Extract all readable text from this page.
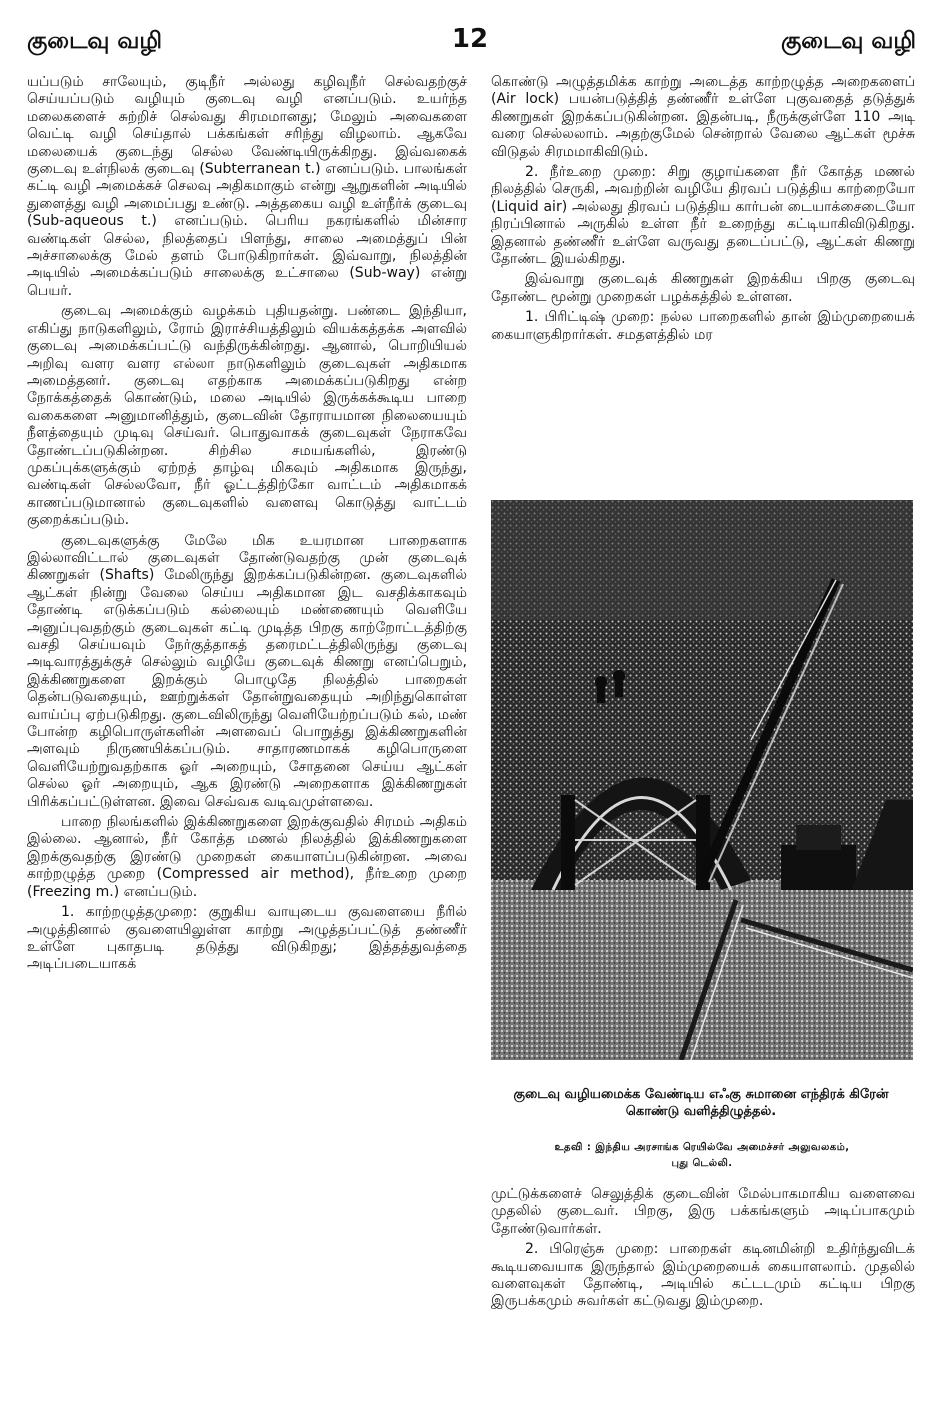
குடைவு வழி	12	குடைவு வழி

யப்படும் சாலேயும், குடிநீர் அல்லது கழிவுநீர் செல்வதற்குச் செய்யப்படும் வழியும் குடைவு வழி எனப்படும். உயர்ந்த மலைகளைச் சுற்றிச் செல்வது சிரமமானது; மேலும் அவைகளை வெட்டி வழி செய்தால் பக்கங்கள் சரிந்து விழலாம். ஆகவே மலையைக் குடைந்து செல்ல வேண்டியிருக்கிறது. இவ்வகைக் குடைவு உள்நிலக் குடைவு (Subterranean t.) எனப்படும். பாலங்கள் கட்டி வழி அமைக்கச் செலவு அதிகமாகும் என்று ஆறுகளின் அடியில் துளைத்து வழி அமைப்பது உண்டு. அத்தகைய வழி உள்நீர்க் குடைவு (Sub-aqueous t.) எனப்படும். பெரிய நகரங்களில் மின்சார வண்டிகள் செல்ல, நிலத்தைப் பிளந்து, சாலை அமைத்துப் பின் அச்சாலைக்கு மேல் தளம் போடுகிறார்கள். இவ்வாறு, நிலத்தின் அடியில் அமைக்கப்படும் சாலைக்கு உட்சாலை (Sub-way) என்று பெயர்.

குடைவு அமைக்கும் வழக்கம் புதியதன்று. பண்டை இந்தியா, எகிப்து நாடுகளிலும், ரோம் இராச்சியத்திலும் வியக்கத்தக்க அளவில் குடைவு அமைக்கப்பட்டு வந்திருக்கின்றது. ஆனால், பொறியியல் அறிவு வளர வளர எல்லா நாடுகளிலும் குடைவுகள் அதிகமாக அமைத்தனர். குடைவு எதற்காக அமைக்கப்படுகிறது என்ற நோக்கத்தைக் கொண்டும், மலை அடியில் இருக்கக்கூடிய பாறை வகைகளை அனுமானித்தும், குடைவின் தோராயமான நிலையையும் நீளத்தையும் முடிவு செய்வர். பொதுவாகக் குடைவுகள் நேராகவே தோண்டப்படுகின்றன. சிற்சில சமயங்களில், இரண்டு முகப்புக்களுக்கும் ஏற்றத் தாழ்வு மிகவும் அதிகமாக இருந்து, வண்டிகள் செல்லவோ, நீர் ஓட்டத்திற்கோ வாட்டம் அதிகமாகக் காணப்படுமானால் குடைவுகளில் வளைவு கொடுத்து வாட்டம் குறைக்கப்படும்.

குடைவுகளுக்கு மேலே மிக உயரமான பாறைகளாக இல்லாவிட்டால் குடைவுகள் தோண்டுவதற்கு முன் குடைவுக் கிணறுகள் (Shafts) மேலிருந்து இறக்கப்படுகின்றன. குடைவுகளில் ஆட்கள் நின்று வேலை செய்ய அதிகமான இட வசதிக்காகவும் தோண்டி எடுக்கப்படும் கல்லையும் மண்ணையும் வெளியே அனுப்புவதற்கும் குடைவுகள் கட்டி முடித்த பிறகு காற்றோட்டத்திற்கு வசதி செய்யவும் நேர்குத்தாகத் தரைமட்டத்திலிருந்து குடைவு அடிவாரத்துக்குச் செல்லும் வழியே குடைவுக் கிணறு எனப்பெறும், இக்கிணறுகளை இறக்கும் பொழுதே நிலத்தில் பாறைகள் தென்படுவதையும், ஊற்றுக்கள் தோன்றுவதையும் அறிந்துகொள்ள வாய்ப்பு ஏற்படுகிறது. குடைவிலிருந்து வெளியேற்றப்படும் கல், மண் போன்ற கழிபொருள்களின் அளவைப் பொறுத்து இக்கிணறுகளின் அளவும் நிருணயிக்கப்படும். சாதாரணமாகக் கழிபொருளை வெளியேற்றுவதற்காக ஓர் அறையும், சோதனை செய்ய ஆட்கள் செல்ல ஓர் அறையும், ஆக இரண்டு அறைகளாக இக்கிணறுகள் பிரிக்கப்பட்டுள்ளன. இவை செவ்வக வடிவமுள்ளவை.

பாறை நிலங்களில் இக்கிணறுகளை இறக்குவதில் சிரமம் அதிகம் இல்லை. ஆனால், நீர் கோத்த மணல் நிலத்தில் இக்கிணறுகளை இறக்குவதற்கு இரண்டு முறைகள் கையாளப்படுகின்றன. அவை காற்றழுத்த முறை (Compressed air method), நீர்உறை முறை (Freezing m.) எனப்படும்.

1. காற்றழுத்தமுறை: குறுகிய வாயுடைய குவளையை நீரில் அழுத்தினால் குவளையிலுள்ள காற்று அழுத்தப்பட்டுத் தண்ணீர் உள்ளே புகாதபடி தடுத்து விடுகிறது; இத்தத்துவத்தை அடிப்படையாகக்

கொண்டு அழுத்தமிக்க காற்று அடைத்த காற்றழுத்த அறைகளைப் (Air lock) பயன்படுத்தித் தண்ணீர் உள்ளே புகுவதைத் தடுத்துக் கிணறுகள் இறக்கப்படுகின்றன. இதன்படி, நீருக்குள்ளே 110 அடி வரை செல்லலாம். அதற்குமேல் சென்றால் வேலை ஆட்கள் மூச்சு விடுதல் சிரமமாகிவிடும்.

2. நீர்உறை முறை: சிறு குழாய்களை நீர் கோத்த மணல் நிலத்தில் செருகி, அவற்றின் வழியே திரவப் படுத்திய காற்றையோ (Liquid air) அல்லது திரவப் படுத்திய கார்பன் டையாக்சைடையோ நிரப்பினால் அருகில் உள்ள நீர் உறைந்து கட்டியாகிவிடுகிறது. இதனால் தண்ணீர் உள்ளே வருவது தடைப்பட்டு, ஆட்கள் கிணறு தோண்ட இயல்கிறது.

இவ்வாறு குடைவுக் கிணறுகள் இறக்கிய பிறகு குடைவு தோண்ட மூன்று முறைகள் பழக்கத்தில் உள்ளன.

1. பிரிட்டிஷ் முறை: நல்ல பாறைகளில் தான் இம்முறையைக் கையாளுகிறார்கள். சமதளத்தில் மர

குடைவு வழியமைக்க வேண்டிய எஃகு சுமானை எந்திரக் கிரேன் கொண்டு வளித்திழுத்தல்.
உதவி : இந்திய அரசாங்க ரெயில்வே அமைச்சர் அலுவலகம்,
புது டெல்லி.

முட்டுக்களைச் செலுத்திக் குடைவின் மேல்பாகமாகிய வளைவை முதலில் குடைவர். பிறகு, இரு பக்கங்களும் அடிப்பாகமும் தோண்டுவார்கள்.

2. பிரெஞ்சு முறை: பாறைகள் கடினமின்றி உதிர்ந்துவிடக் கூடியவையாக இருந்தால் இம்முறையைக் கையாளலாம். முதலில் வளைவுகள் தோண்டி, அடியில் கட்டடமும் கட்டிய பிறகு இருபக்கமும் சுவர்கள் கட்டுவது இம்முறை.
